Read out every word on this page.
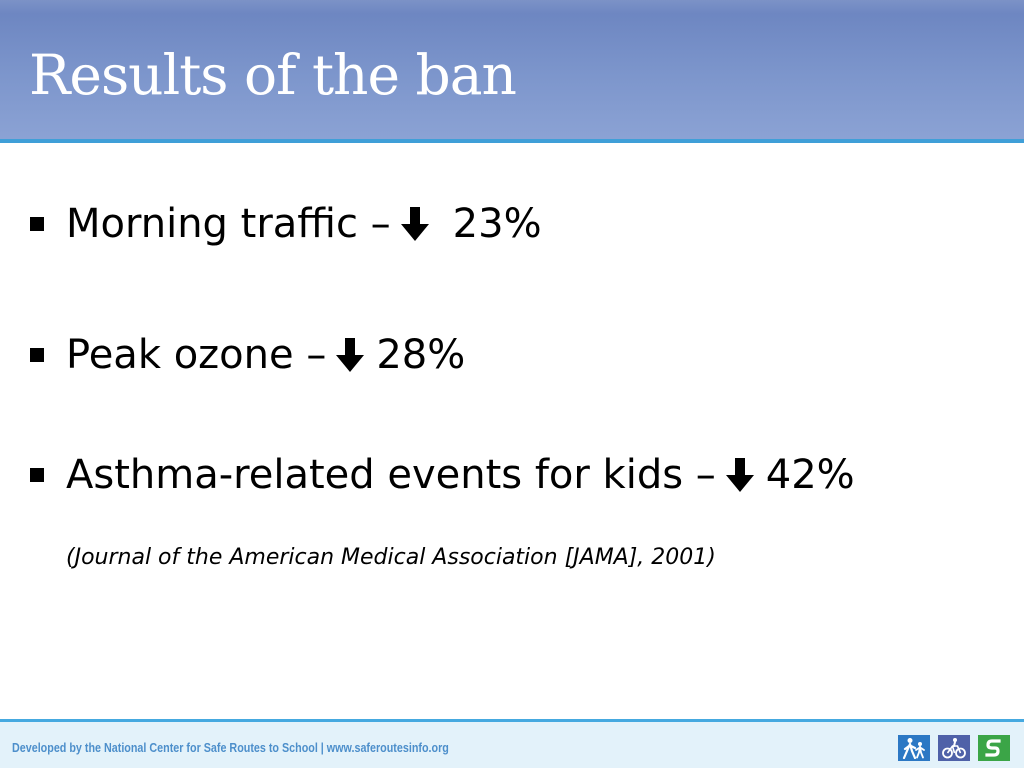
Results of the ban
Morning traffic – 23%
Peak ozone – 28%
Asthma-related events for kids – 42%
(Journal of the American Medical Association [JAMA], 2001)
Developed by the National Center for Safe Routes to School | www.saferoutesinfo.org
